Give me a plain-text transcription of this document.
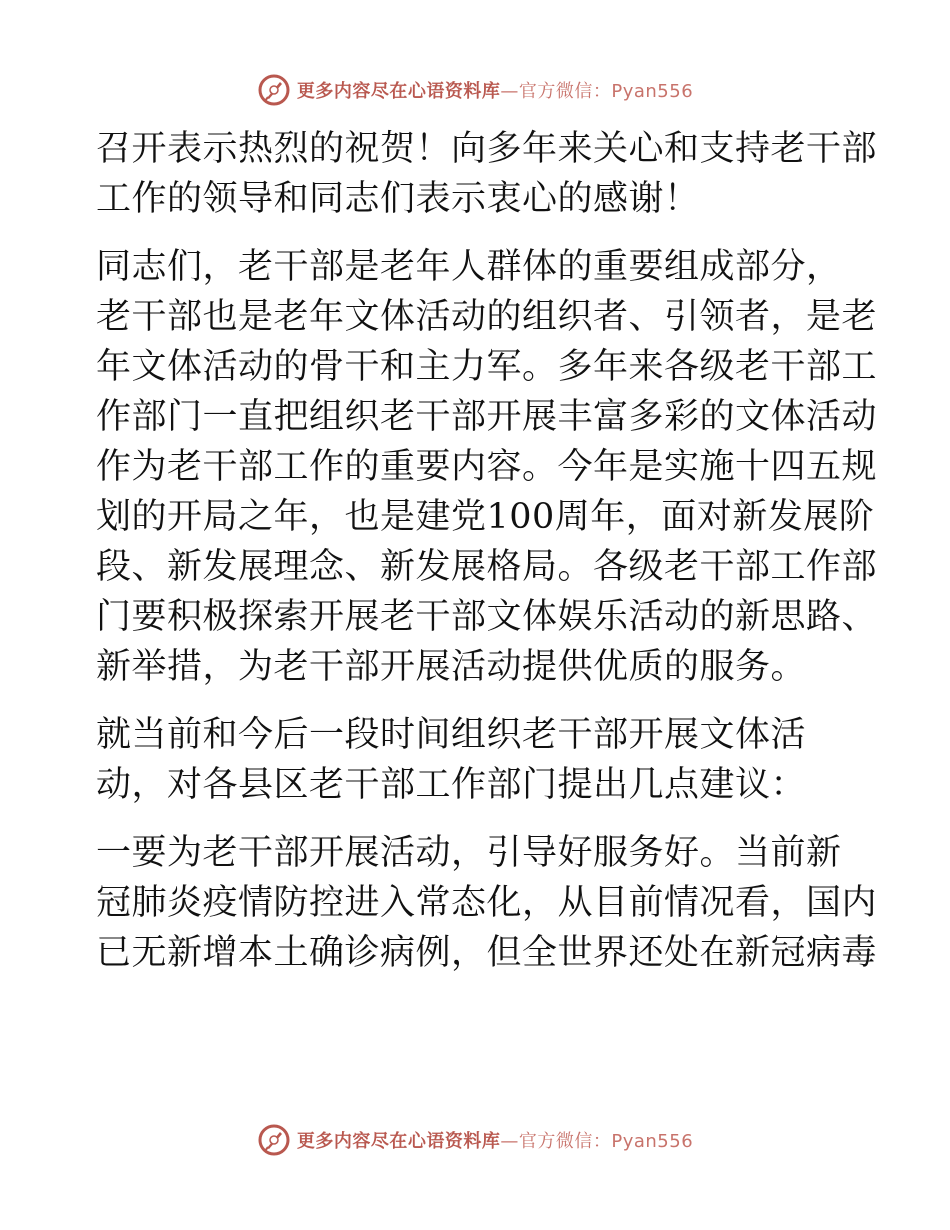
更多内容尽在心语资料库—官方微信：Pyan556
召开表示热烈的祝贺！向多年来关心和支持老干部
工作的领导和同志们表示衷心的感谢！
同志们，老干部是老年人群体的重要组成部分，
老干部也是老年文体活动的组织者、引领者，是老
年文体活动的骨干和主力军。多年来各级老干部工
作部门一直把组织老干部开展丰富多彩的文体活动
作为老干部工作的重要内容。今年是实施十四五规
划的开局之年，也是建党100周年，面对新发展阶
段、新发展理念、新发展格局。各级老干部工作部
门要积极探索开展老干部文体娱乐活动的新思路、
新举措，为老干部开展活动提供优质的服务。
就当前和今后一段时间组织老干部开展文体活
动，对各县区老干部工作部门提出几点建议：
一要为老干部开展活动，引导好服务好。当前新
冠肺炎疫情防控进入常态化，从目前情况看，国内
已无新增本土确诊病例，但全世界还处在新冠病毒
更多内容尽在心语资料库—官方微信：Pyan556
